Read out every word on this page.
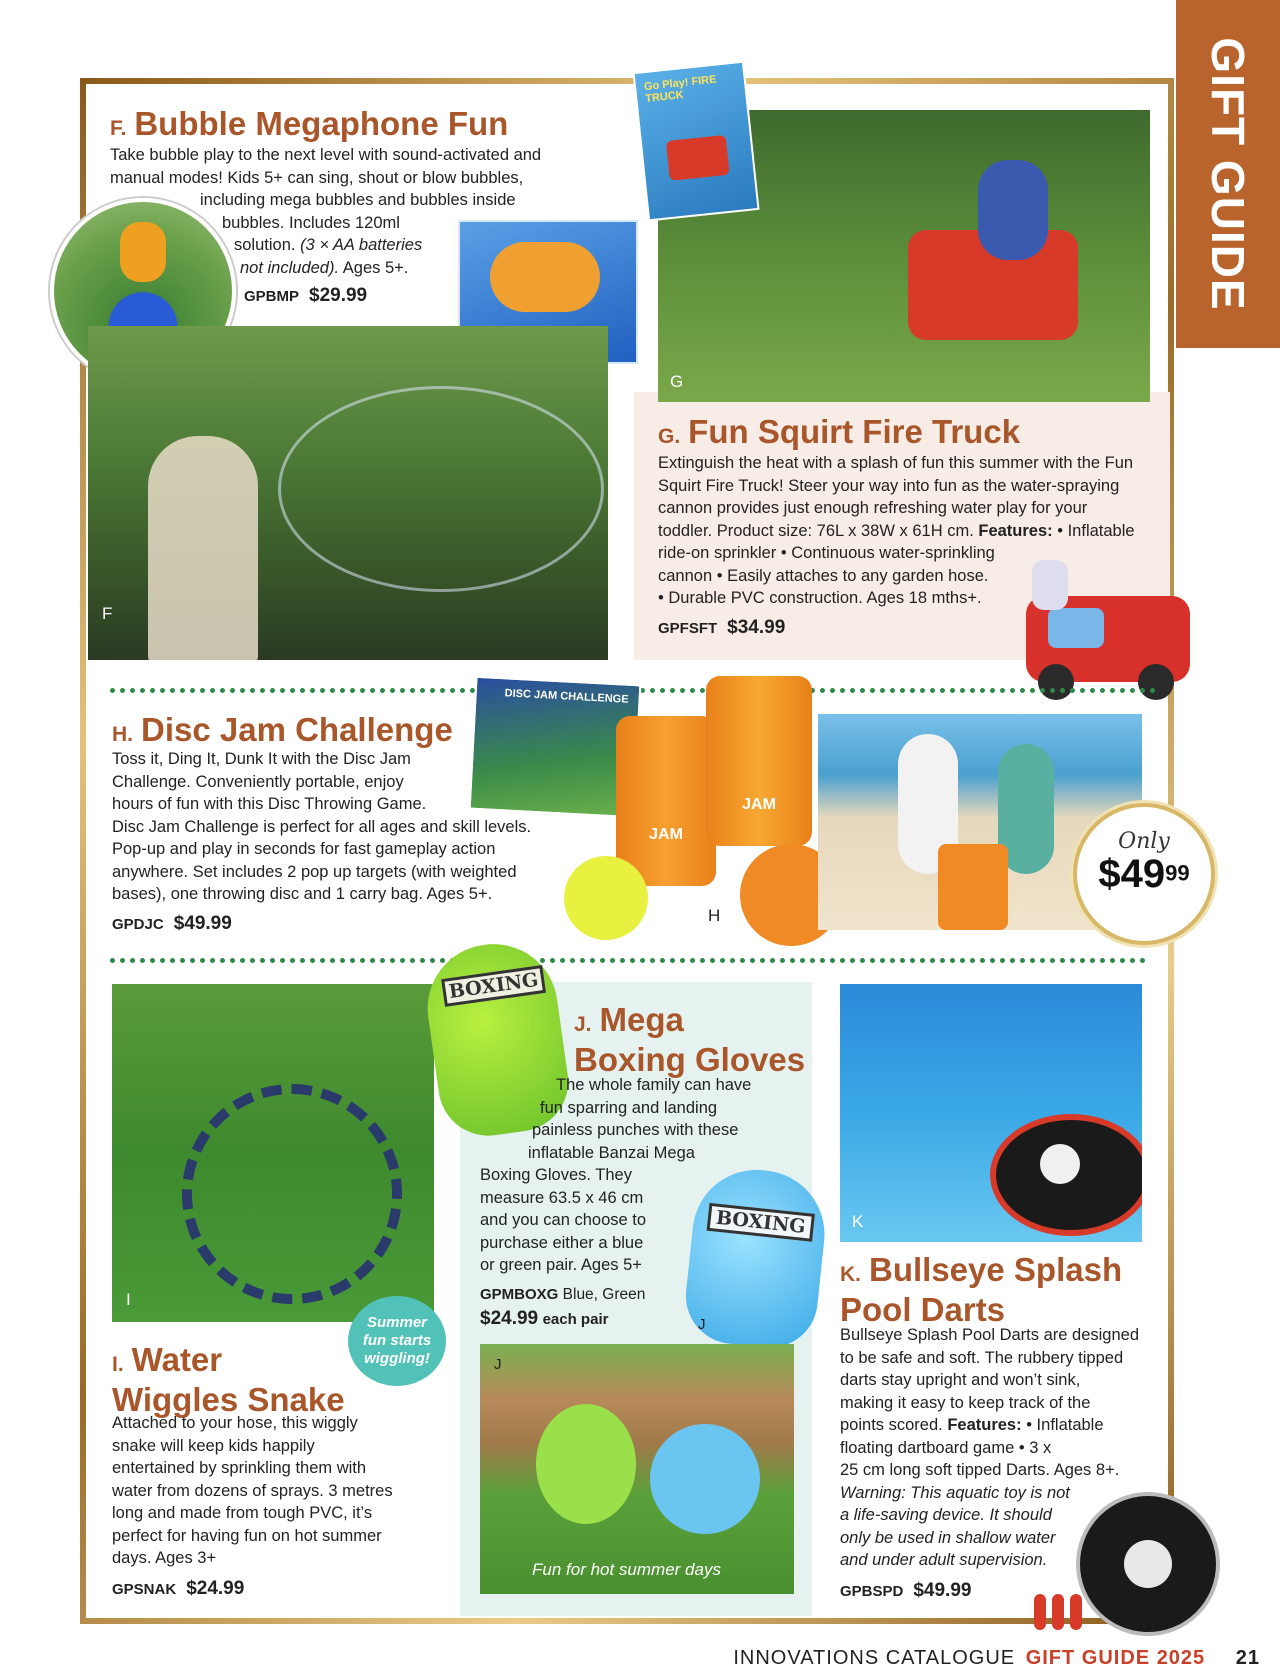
GIFT GUIDE
F. Bubble Megaphone Fun
Take bubble play to the next level with sound-activated and
manual modes! Kids 5+ can sing, shout or blow bubbles,
including mega bubbles and bubbles inside
bubbles. Includes 120ml
solution. (3 × AA batteries
not included). Ages 5+.
GPBMP $29.99
F
G
Go Play! FIRE TRUCK
G. Fun Squirt Fire Truck
Extinguish the heat with a splash of fun this summer with the Fun
Squirt Fire Truck! Steer your way into fun as the water-spraying
cannon provides just enough refreshing water play for your
toddler. Product size: 76L x 38W x 61H cm. Features: • Inflatable
ride-on sprinkler • Continuous water-sprinkling
cannon • Easily attaches to any garden hose.
• Durable PVC construction. Ages 18 mths+.
GPFSFT $34.99
H. Disc Jam Challenge
Toss it, Ding It, Dunk It with the Disc Jam
Challenge. Conveniently portable, enjoy
hours of fun with this Disc Throwing Game.
Disc Jam Challenge is perfect for all ages and skill levels.
Pop-up and play in seconds for fast gameplay action
anywhere. Set includes 2 pop up targets (with weighted
bases), one throwing disc and 1 carry bag. Ages 5+.
GPDJC $49.99
DISC JAM CHALLENGE
JAM
JAM
H
Only
$\$49^{99}$
I
Summer
fun starts
wiggling!
I. Water
Wiggles Snake
Attached to your hose, this wiggly
snake will keep kids happily
entertained by sprinkling them with
water from dozens of sprays. 3 metres
long and made from tough PVC, it’s
perfect for having fun on hot summer
days. Ages 3+
GPSNAK $24.99
BOXING
J. Mega
Boxing Gloves
The whole family can have
fun sparring and landing
painless punches with these
inflatable Banzai Mega
Boxing Gloves. They
measure 63.5 x 46 cm
and you can choose to
purchase either a blue
or green pair. Ages 5+
BOXING
GPMBOXG Blue, Green
$24.99 each pair	J
J
Fun for hot summer days
K
K. Bullseye Splash
Pool Darts
Bullseye Splash Pool Darts are designed
to be safe and soft. The rubbery tipped
darts stay upright and won’t sink,
making it easy to keep track of the
points scored. Features: • Inflatable
floating dartboard game • 3 x
25 cm long soft tipped Darts. Ages 8+.
Warning: This aquatic toy is not
a life-saving device. It should
only be used in shallow water
and under adult supervision.
GPBSPD $49.99
INNOVATIONS CATALOGUE GIFT GUIDE 2025 21
